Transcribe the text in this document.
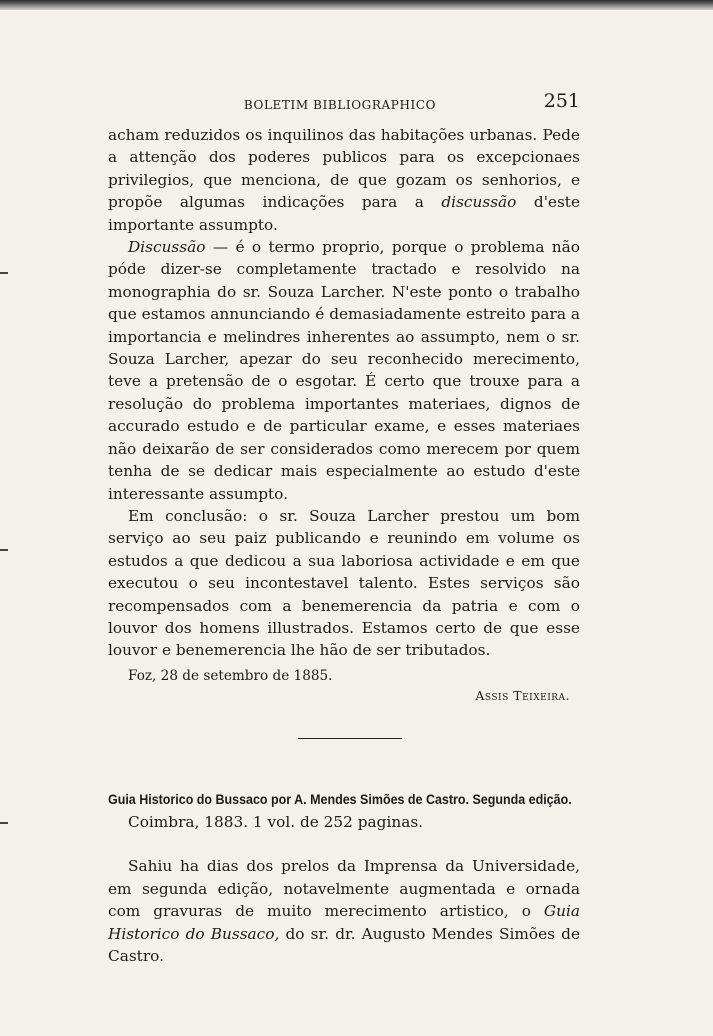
BOLETIM BIBLIOGRAPHICO	251

acham reduzidos os inquilinos das habitações urbanas. Pede a attenção dos poderes publicos para os excepcionaes privilegios, que menciona, de que gozam os senhorios, e propõe algumas indicações para a discussão d'este importante assumpto.

Discussão — é o termo proprio, porque o problema não póde dizer-se completamente tractado e resolvido na monographia do sr. Souza Larcher. N'este ponto o trabalho que estamos annunciando é demasiadamente estreito para a importancia e melindres inherentes ao assumpto, nem o sr. Souza Larcher, apezar do seu reconhecido merecimento, teve a pretensão de o esgotar. É certo que trouxe para a resolução do problema importantes materiaes, dignos de accurado estudo e de particular exame, e esses materiaes não deixarão de ser considerados como merecem por quem tenha de se dedicar mais especialmente ao estudo d'este interessante assumpto.

Em conclusão: o sr. Souza Larcher prestou um bom serviço ao seu paiz publicando e reunindo em volume os estudos a que dedicou a sua laboriosa actividade e em que executou o seu incontestavel talento. Estes serviços são recompensados com a benemerencia da patria e com o louvor dos homens illustrados. Estamos certo de que esse louvor e benemerencia lhe hão de ser tributados.

Foz, 28 de setembro de 1885.
Assis Teixeira.
Guia Historico do Bussaco por A. Mendes Simões de Castro. Segunda edição.
Coimbra, 1883. 1 vol. de 252 paginas.

Sahiu ha dias dos prelos da Imprensa da Universidade, em segunda edição, notavelmente augmentada e ornada com gravuras de muito merecimento artistico, o Guia Historico do Bussaco, do sr. dr. Augusto Mendes Simões de Castro.
